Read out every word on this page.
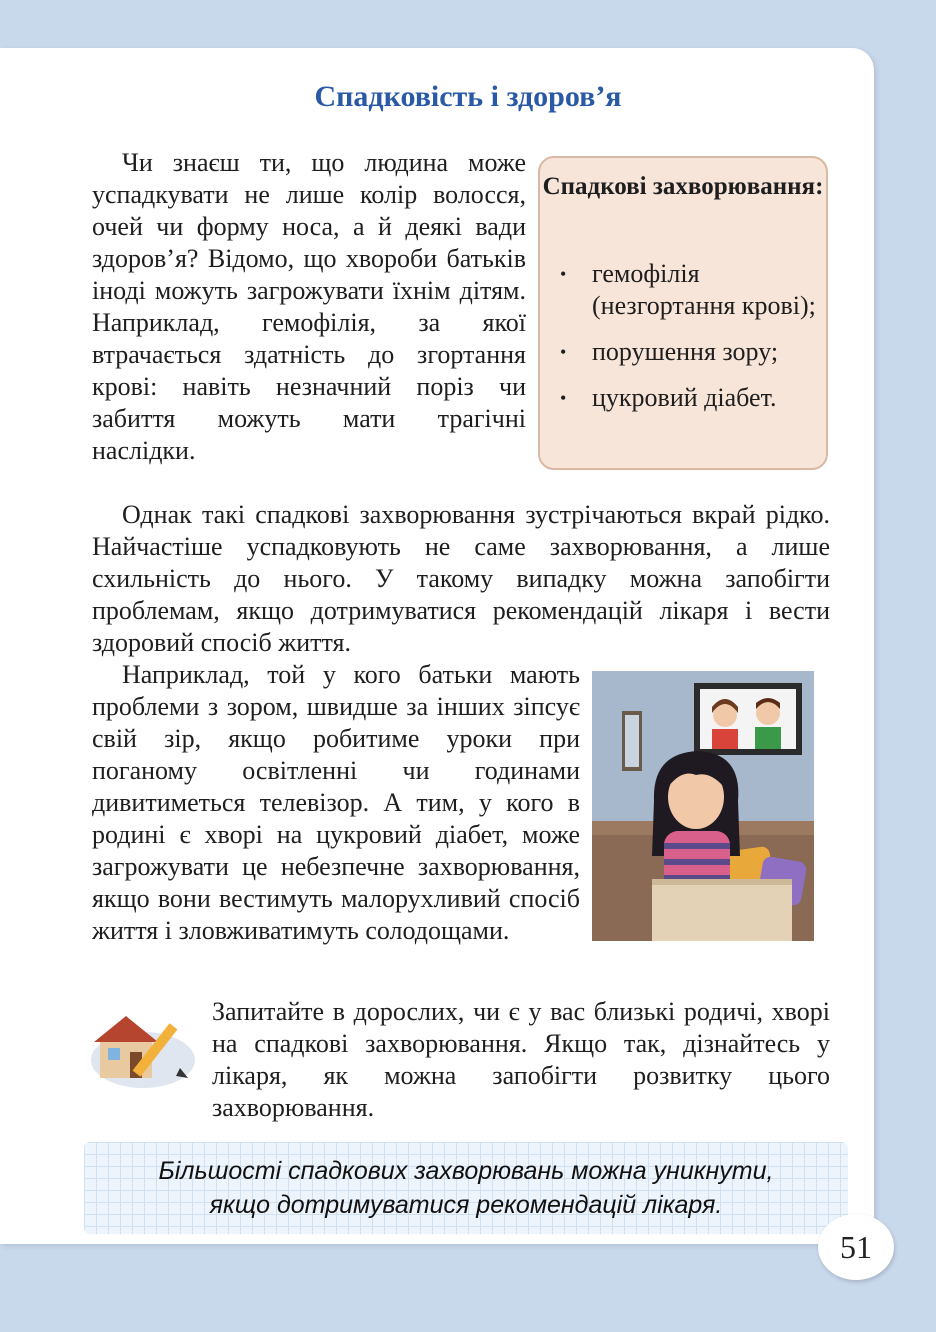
Спадковість і здоров’я

Чи знаєш ти, що людина може успадкувати не лише колір волосся, очей чи форму носа, а й деякі вади здоров’я? Відомо, що хвороби батьків іноді можуть загрожувати їхнім дітям. Наприклад, гемофілія, за якої втрачається здатність до згортання крові: навіть незначний поріз чи забиття можуть мати трагічні наслідки.

Спадкові захворювання:

• гемофілія (незгортання крові);
• порушення зору;
• цукровий діабет.

Однак такі спадкові захворювання зустрічаються вкрай рідко. Найчастіше успадковують не саме захворювання, а лише схильність до нього. У такому випадку можна запобігти проблемам, якщо дотримуватися рекомендацій лікаря і вести здоровий спосіб життя.

Наприклад, той у кого батьки мають проблеми з зором, швидше за інших зіпсує свій зір, якщо робитиме уроки при поганому освітленні чи годинами дивитиметься телевізор. А тим, у кого в родині є хворі на цукровий діабет, може загрожувати це небезпечне захворювання, якщо вони вестимуть малорухливий спосіб життя і зловживатимуть солодощами.

Запитайте в дорослих, чи є у вас близькі родичі, хворі на спадкові захворювання. Якщо так, дізнайтесь у лікаря, як можна запобігти розвитку цього захворювання.

Більшості спадкових захворювань можна уникнути,
якщо дотримуватися рекомендацій лікаря.

51
